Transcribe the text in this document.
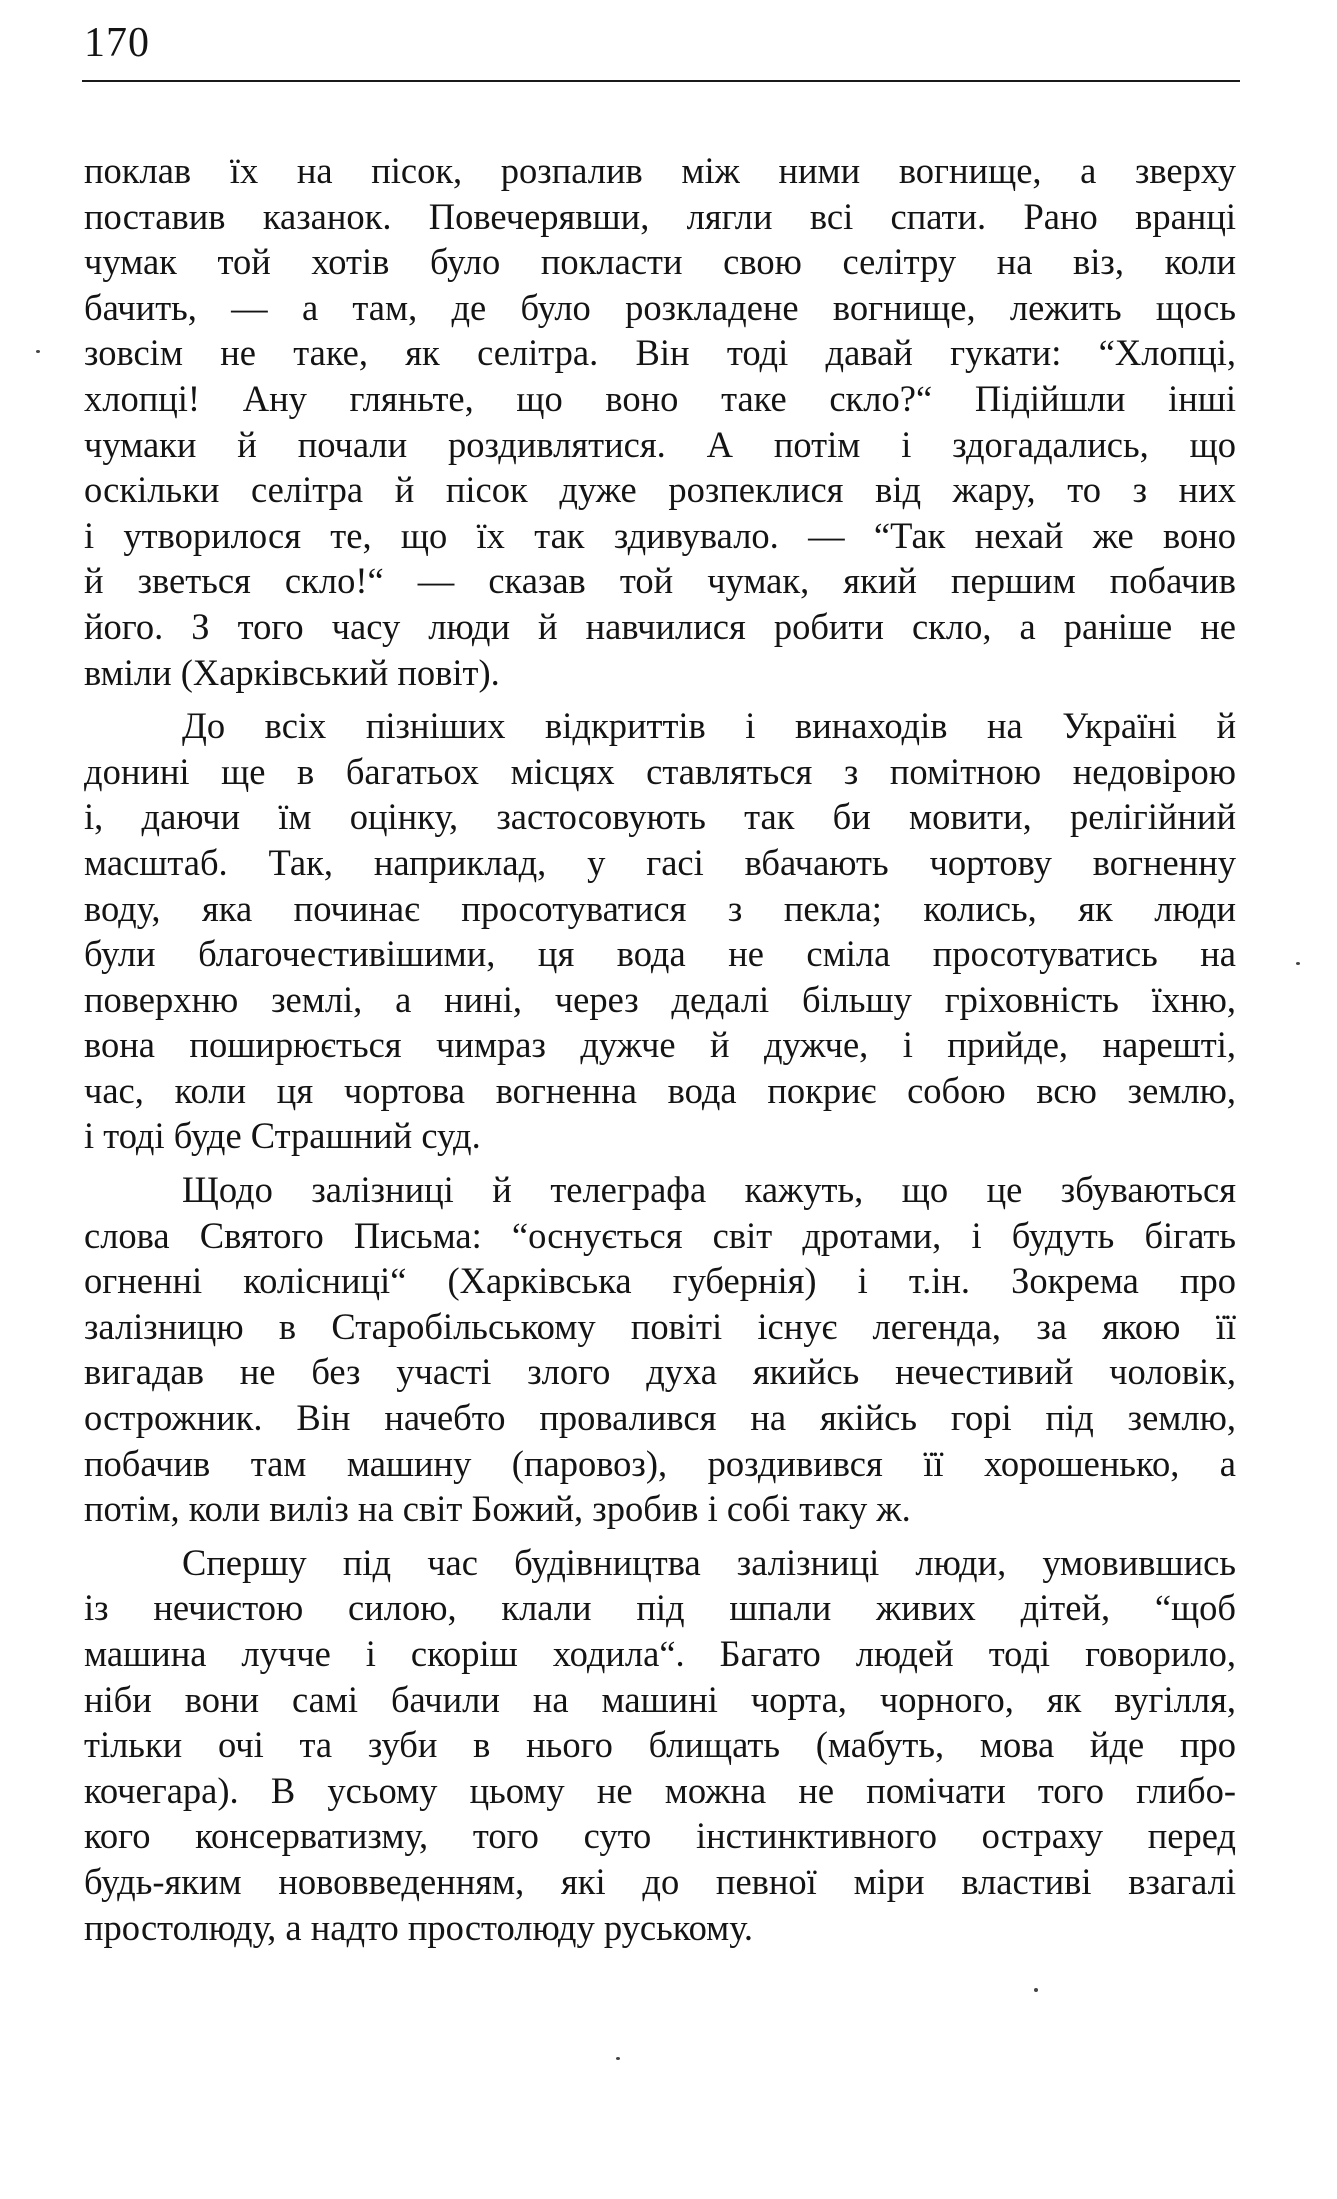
170
поклав їх на пісок, розпалив між ними вогнище, а зверху
поставив казанок. Повечерявши, лягли всі спати. Рано вранці
чумак той хотів було покласти свою селітру на віз, коли
бачить, — а там, де було розкладене вогнище, лежить щось
зовсім не таке, як селітра. Він тоді давай гукати: “Хлопці,
хлопці! Ану гляньте, що воно таке скло?“ Підійшли інші
чумаки й почали роздивлятися. А потім і здогадались, що
оскільки селітра й пісок дуже розпеклися від жару, то з них
і утворилося те, що їх так здивувало. — “Так нехай же воно
й зветься скло!“ — сказав той чумак, який першим побачив
його. З того часу люди й навчилися робити скло, а раніше не
вміли (Харківський повіт).
До всіх пізніших відкриттів і винаходів на Україні й
донині ще в багатьох місцях ставляться з помітною недовірою
і, даючи їм оцінку, застосовують так би мовити, релігійний
масштаб. Так, наприклад, у гасі вбачають чортову вогненну
воду, яка починає просотуватися з пекла; колись, як люди
були благочестивішими, ця вода не сміла просотуватись на
поверхню землі, а нині, через дедалі більшу гріховність їхню,
вона поширюється чимраз дужче й дужче, і прийде, нарешті,
час, коли ця чортова вогненна вода покриє собою всю землю,
і тоді буде Страшний суд.
Щодо залізниці й телеграфа кажуть, що це збуваються
слова Святого Письма: “оснується світ дротами, і будуть бігать
огненні колісниці“ (Харківська губернія) і т.ін. Зокрема про
залізницю в Старобільському повіті існує легенда, за якою її
вигадав не без участі злого духа якийсь нечестивий чоловік,
острожник. Він начебто провалився на якійсь горі під землю,
побачив там машину (паровоз), роздивився її хорошенько, а
потім, коли виліз на світ Божий, зробив і собі таку ж.
Спершу під час будівництва залізниці люди, умовившись
із нечистою силою, клали під шпали живих дітей, “щоб
машина лучче і скоріш ходила“. Багато людей тоді говорило,
ніби вони самі бачили на машині чорта, чорного, як вугілля,
тільки очі та зуби в нього блищать (мабуть, мова йде про
кочегара). В усьому цьому не можна не помічати того глибо-
кого консерватизму, того суто інстинктивного остраху перед
будь-яким нововведенням, які до певної міри властиві взагалі
простолюду, а надто простолюду руському.
